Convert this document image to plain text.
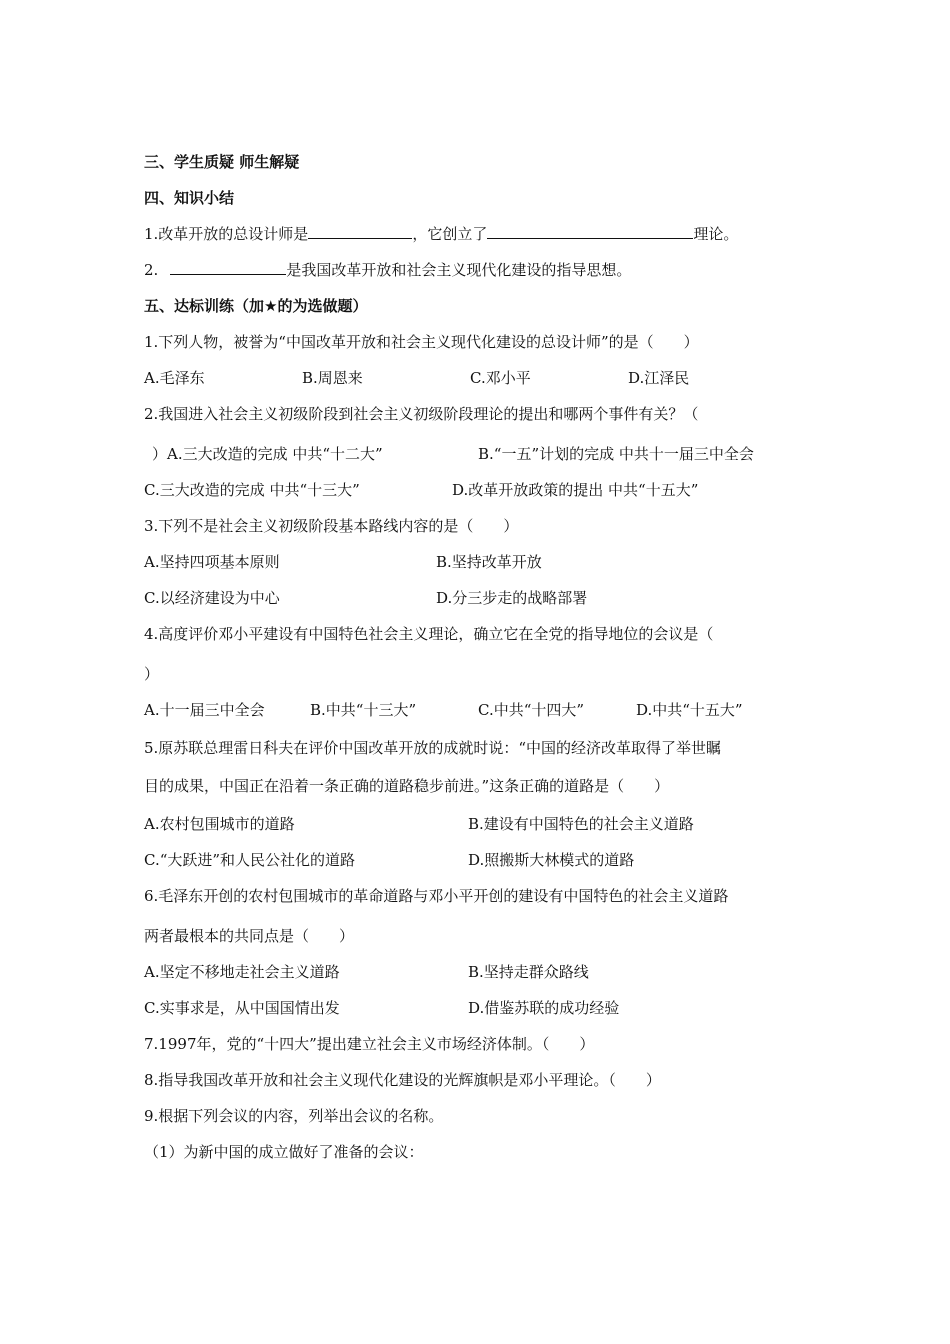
三、学生质疑 师生解疑
四、知识小结
1.改革开放的总设计师是	，它创立了	理论。
2.	是我国改革开放和社会主义现代化建设的指导思想。
五、达标训练（加★的为选做题）
1.下列人物，被誉为“中国改革开放和社会主义现代化建设的总设计师”的是（　　）
A.毛泽东	B.周恩来	C.邓小平	D.江泽民
2.我国进入社会主义初级阶段到社会主义初级阶段理论的提出和哪两个事件有关？（
）A.三大改造的完成 中共“十二大”	B.“一五”计划的完成 中共十一届三中全会
C.三大改造的完成 中共“十三大”	D.改革开放政策的提出 中共“十五大”
3.下列不是社会主义初级阶段基本路线内容的是（　　）
A.坚持四项基本原则	B.坚持改革开放
C.以经济建设为中心	D.分三步走的战略部署
4.高度评价邓小平建设有中国特色社会主义理论，确立它在全党的指导地位的会议是（
）
A.十一届三中全会	B.中共“十三大”	C.中共“十四大”	D.中共“十五大”
5.原苏联总理雷日科夫在评价中国改革开放的成就时说：“中国的经济改革取得了举世瞩
目的成果，中国正在沿着一条正确的道路稳步前进。”这条正确的道路是（　　）
A.农村包围城市的道路	B.建设有中国特色的社会主义道路
C.“大跃进”和人民公社化的道路	D.照搬斯大林模式的道路
6.毛泽东开创的农村包围城市的革命道路与邓小平开创的建设有中国特色的社会主义道路
两者最根本的共同点是（　　）
A.坚定不移地走社会主义道路	B.坚持走群众路线
C.实事求是，从中国国情出发	D.借鉴苏联的成功经验
7.1997年，党的“十四大”提出建立社会主义市场经济体制。（　　）
8.指导我国改革开放和社会主义现代化建设的光辉旗帜是邓小平理论。（　　）
9.根据下列会议的内容，列举出会议的名称。
（1）为新中国的成立做好了准备的会议：
